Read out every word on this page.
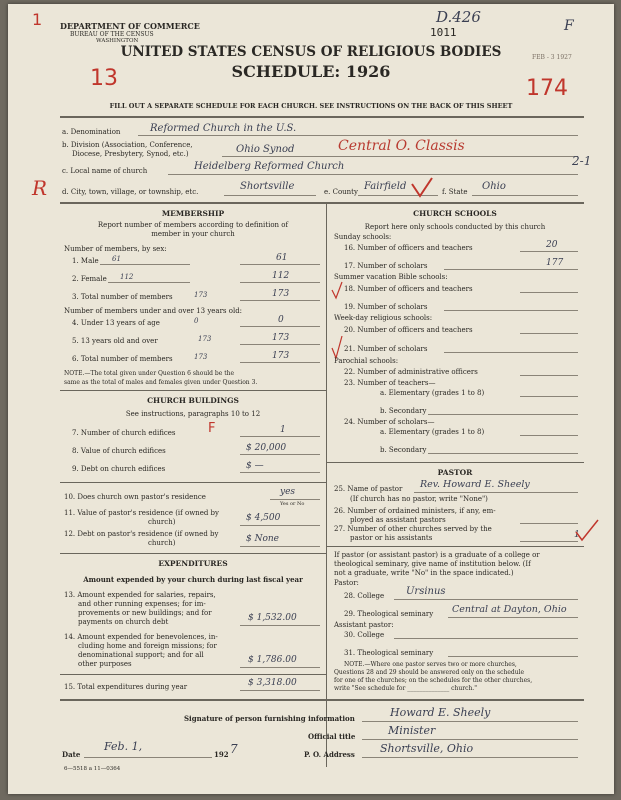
1 DEPARTMENT OF COMMERCE
BUREAU OF THE CENSUS
WASHINGTON
D.426
1011
FEB - 3 1927
F
UNITED STATES CENSUS OF RELIGIOUS BODIES
SCHEDULE: 1926
13	174
FILL OUT A SEPARATE SCHEDULE FOR EACH CHURCH. SEE INSTRUCTIONS ON THE BACK OF THIS SHEET
a. Denomination	Reformed Church in the U.S.
b. Division (Association, Conference,
Diocese, Presbytery, Synod, etc.)	Ohio Synod	Central O. Classis
c. Local name of church	Heidelberg Reformed Church	2-1
R d. City, town, village, or township, etc.	Shortsville	e. County Fairfield	f. State Ohio
MEMBERSHIP
Report number of members according to definition of
member in your church
Number of members, by sex:
1. Male 61	61
2. Female 112	112
3. Total number of members	173	173
Number of members under and over 13 years old:
4. Under 13 years of age	0	0
5. 13 years old and over	173	173
6. Total number of members	173	173
NOTE.—The total given under Question 6 should be the
same as the total of males and females given under Question 3.
CHURCH BUILDINGS
See instructions, paragraphs 10 to 12
7. Number of church edifices F	1
8. Value of church edifices	$ 20,000
9. Debt on church edifices	$ —
10. Does church own pastor's residence	yes
Yes or No
11. Value of pastor's residence (if owned by
church)	$ 4,500
12. Debt on pastor's residence (if owned by
church)	$ None
EXPENDITURES
Amount expended by your church during last fiscal year
13. Amount expended for salaries, repairs,
and other running expenses; for im-
provements or new buildings; and for
payments on church debt	$ 1,532.00
14. Amount expended for benevolences, in-
cluding home and foreign missions; for
denominational support; and for all
other purposes	$ 1,786.00
15. Total expenditures during year	$ 3,318.00
CHURCH SCHOOLS
Report here only schools conducted by this church
Sunday schools:
16. Number of officers and teachers	20
17. Number of scholars	177
Summer vacation Bible schools:
18. Number of officers and teachers
19. Number of scholars
Week-day religious schools:
20. Number of officers and teachers
21. Number of scholars
Parochial schools:
22. Number of administrative officers
23. Number of teachers—
a. Elementary (grades 1 to 8)
b. Secondary
24. Number of scholars—
a. Elementary (grades 1 to 8)
b. Secondary
PASTOR
25. Name of pastor Rev. Howard E. Sheely
(If church has no pastor, write "None")
26. Number of ordained ministers, if any, em-
ployed as assistant pastors
27. Number of other churches served by the
pastor or his assistants	1
If pastor (or assistant pastor) is a graduate of a college or
theological seminary, give name of institution below. (If
not a graduate, write "No" in the space indicated.)
Pastor:
28. College Ursinus
29. Theological seminary Central at Dayton, Ohio
Assistant pastor:
30. College
31. Theological seminary
NOTE.—Where one pastor serves two or more churches,
Questions 28 and 29 should be answered only on the schedule
for one of the churches; on the schedules for the other churches,
write "See schedule for ______________ church."
Signature of person furnishing information	Howard E. Sheely
Official title	Minister
Date
Feb. 1,
192 7	P. O. Address Shortsville, Ohio
6—5518 a 11—0364
